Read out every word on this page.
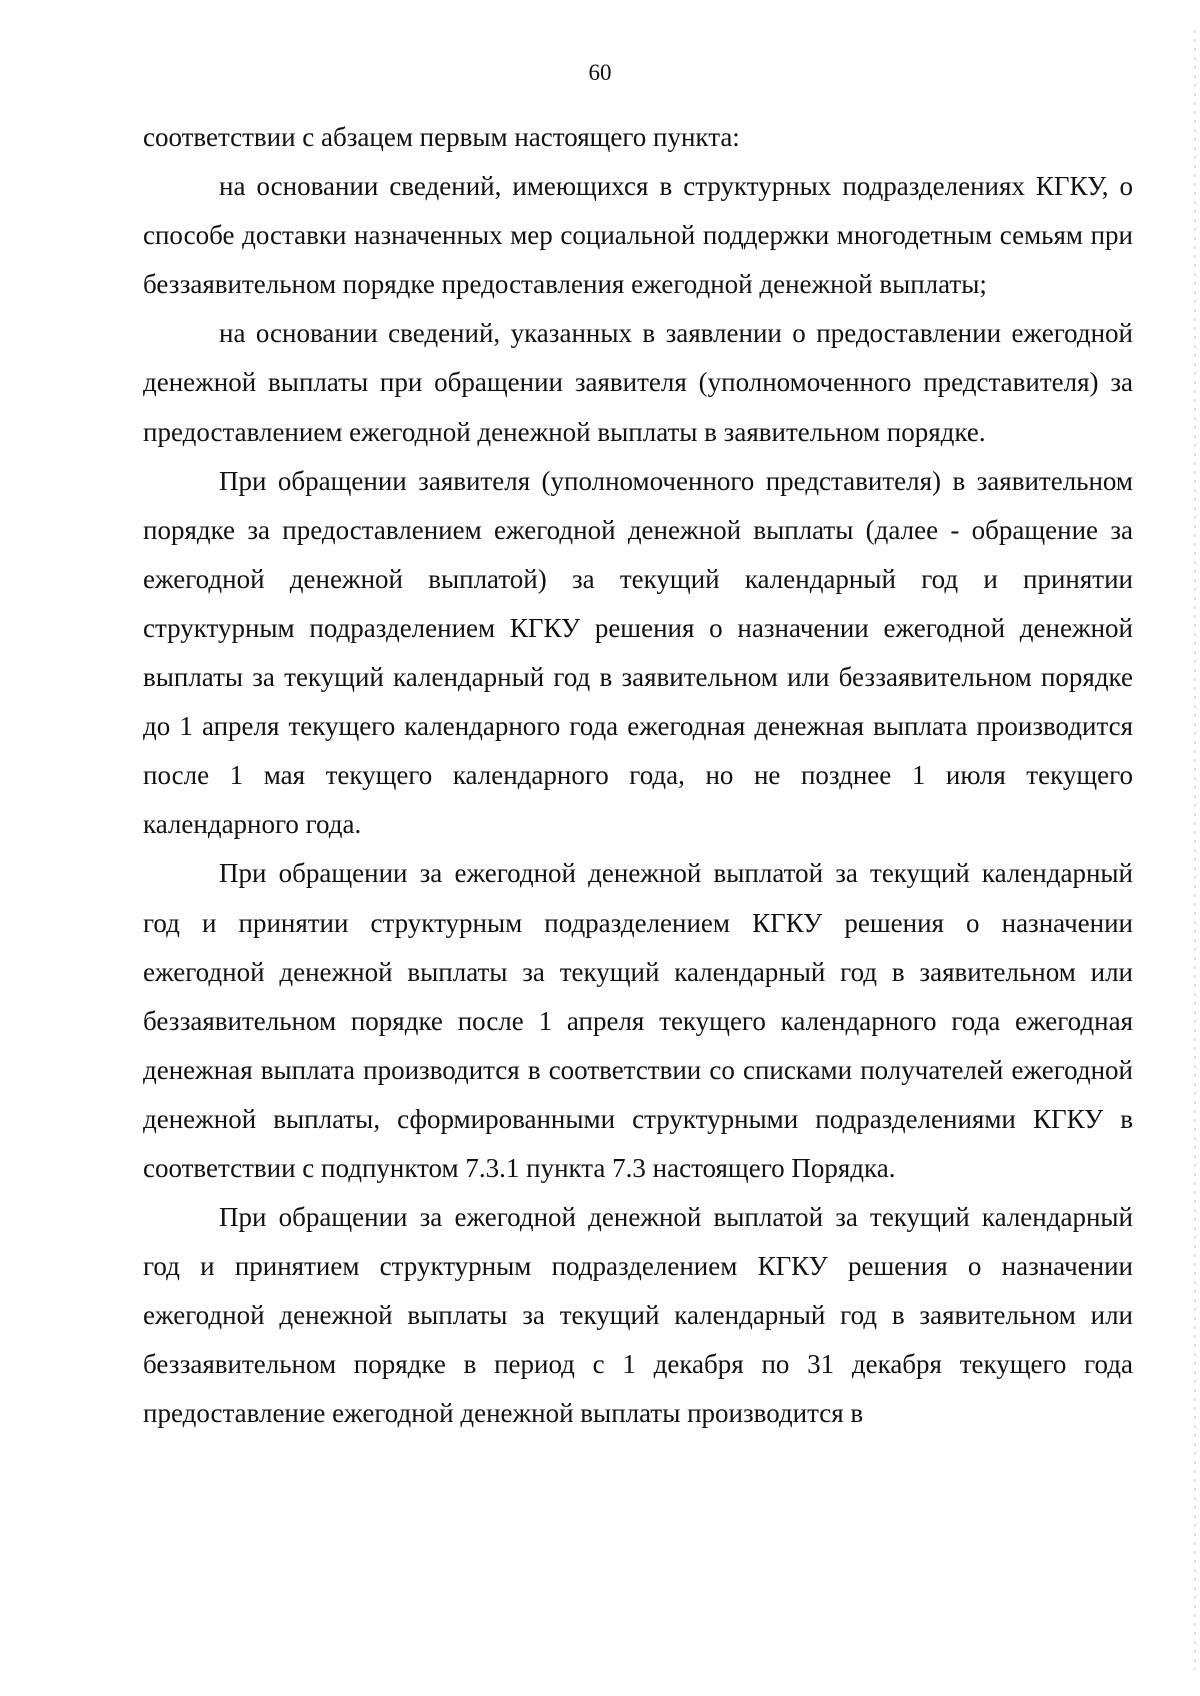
60

соответствии с абзацем первым настоящего пункта:

на основании сведений, имеющихся в структурных подразделениях КГКУ, о способе доставки назначенных мер социальной поддержки многодетным семьям при беззаявительном порядке предоставления ежегодной денежной выплаты;

на основании сведений, указанных в заявлении о предоставлении ежегодной денежной выплаты при обращении заявителя (уполномоченного представителя) за предоставлением ежегодной денежной выплаты в заявительном порядке.

При обращении заявителя (уполномоченного представителя) в заявительном порядке за предоставлением ежегодной денежной выплаты (далее - обращение за ежегодной денежной выплатой) за текущий календарный год и принятии структурным подразделением КГКУ решения о назначении ежегодной денежной выплаты за текущий календарный год в заявительном или беззаявительном порядке до 1 апреля текущего календарного года ежегодная денежная выплата производится после 1 мая текущего календарного года, но не позднее 1 июля текущего календарного года.

При обращении за ежегодной денежной выплатой за текущий календарный год и принятии структурным подразделением КГКУ решения о назначении ежегодной денежной выплаты за текущий календарный год в заявительном или беззаявительном порядке после 1 апреля текущего календарного года ежегодная денежная выплата производится в соответствии со списками получателей ежегодной денежной выплаты, сформированными структурными подразделениями КГКУ в соответствии с подпунктом 7.3.1 пункта 7.3 настоящего Порядка.

При обращении за ежегодной денежной выплатой за текущий календарный год и принятием структурным подразделением КГКУ решения о назначении ежегодной денежной выплаты за текущий календарный год в заявительном или беззаявительном порядке в период с 1 декабря по 31 декабря текущего года предоставление ежегодной денежной выплаты производится в
